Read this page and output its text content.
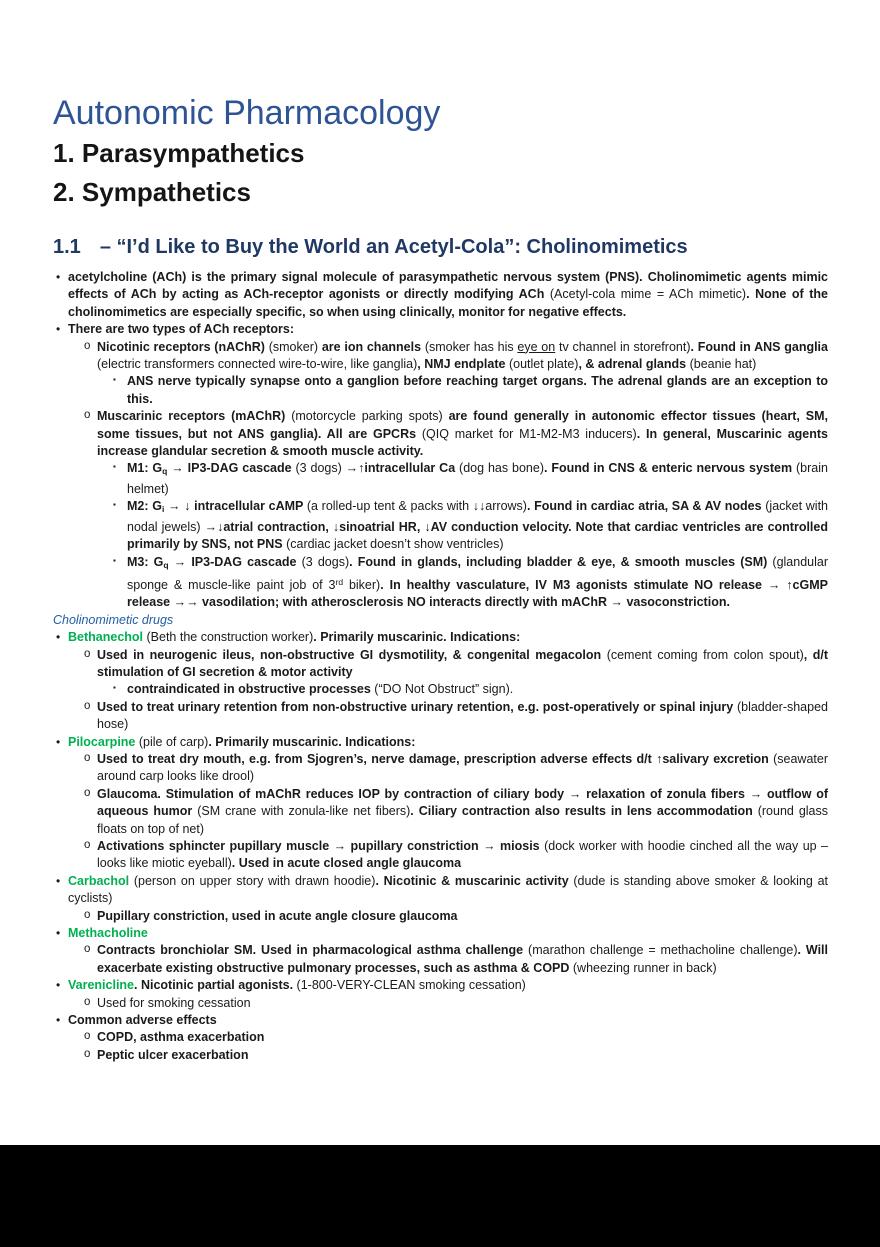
Autonomic Pharmacology
1. Parasympathetics
2. Sympathetics
1.1 – “I’d Like to Buy the World an Acetyl-Cola”: Cholinomimetics
• acetylcholine (ACh) is the primary signal molecule of parasympathetic nervous system (PNS). Cholinomimetic agents mimic effects of ACh by acting as ACh-receptor agonists or directly modifying ACh (Acetyl-cola mime = ACh mimetic). None of the cholinomimetics are especially specific, so when using clinically, monitor for negative effects.
• There are two types of ACh receptors:
o Nicotinic receptors (nAChR) (smoker) are ion channels (smoker has his eye on tv channel in storefront). Found in ANS ganglia (electric transformers connected wire-to-wire, like ganglia), NMJ endplate (outlet plate), & adrenal glands (beanie hat)
▪ ANS nerve typically synapse onto a ganglion before reaching target organs. The adrenal glands are an exception to this.
o Muscarinic receptors (mAChR) (motorcycle parking spots) are found generally in autonomic effector tissues (heart, SM, some tissues, but not ANS ganglia). All are GPCRs (QIQ market for M1-M2-M3 inducers). In general, Muscarinic agents increase glandular secretion & smooth muscle activity.
▪ M1: Gq → IP3-DAG cascade (3 dogs) →↑intracellular Ca (dog has bone). Found in CNS & enteric nervous system (brain helmet)
▪ M2: Gi → ↓ intracellular cAMP (a rolled-up tent & packs with ↓↓arrows). Found in cardiac atria, SA & AV nodes (jacket with nodal jewels) →↓atrial contraction, ↓sinoatrial HR, ↓AV conduction velocity. Note that cardiac ventricles are controlled primarily by SNS, not PNS (cardiac jacket doesn’t show ventricles)
▪ M3: Gq → IP3-DAG cascade (3 dogs). Found in glands, including bladder & eye, & smooth muscles (SM) (glandular sponge & muscle-like paint job of 3rd biker). In healthy vasculature, IV M3 agonists stimulate NO release → ↑cGMP release →→ vasodilation; with atherosclerosis NO interacts directly with mAChR → vasoconstriction.
Cholinomimetic drugs
• Bethanechol (Beth the construction worker). Primarily muscarinic. Indications:
o Used in neurogenic ileus, non-obstructive GI dysmotility, & congenital megacolon (cement coming from colon spout), d/t stimulation of GI secretion & motor activity
▪ contraindicated in obstructive processes (“DO Not Obstruct” sign).
o Used to treat urinary retention from non-obstructive urinary retention, e.g. post-operatively or spinal injury (bladder-shaped hose)
• Pilocarpine (pile of carp). Primarily muscarinic. Indications:
o Used to treat dry mouth, e.g. from Sjogren’s, nerve damage, prescription adverse effects d/t ↑salivary excretion (seawater around carp looks like drool)
o Glaucoma. Stimulation of mAChR reduces IOP by contraction of ciliary body → relaxation of zonula fibers → outflow of aqueous humor (SM crane with zonula-like net fibers). Ciliary contraction also results in lens accommodation (round glass floats on top of net)
o Activations sphincter pupillary muscle → pupillary constriction → miosis (dock worker with hoodie cinched all the way up – looks like miotic eyeball). Used in acute closed angle glaucoma
• Carbachol (person on upper story with drawn hoodie). Nicotinic & muscarinic activity (dude is standing above smoker & looking at cyclists)
o Pupillary constriction, used in acute angle closure glaucoma
• Methacholine
o Contracts bronchiolar SM. Used in pharmacological asthma challenge (marathon challenge = methacholine challenge). Will exacerbate existing obstructive pulmonary processes, such as asthma & COPD (wheezing runner in back)
• Varenicline. Nicotinic partial agonists. (1-800-VERY-CLEAN smoking cessation)
o Used for smoking cessation
• Common adverse effects
o COPD, asthma exacerbation
o Peptic ulcer exacerbation
